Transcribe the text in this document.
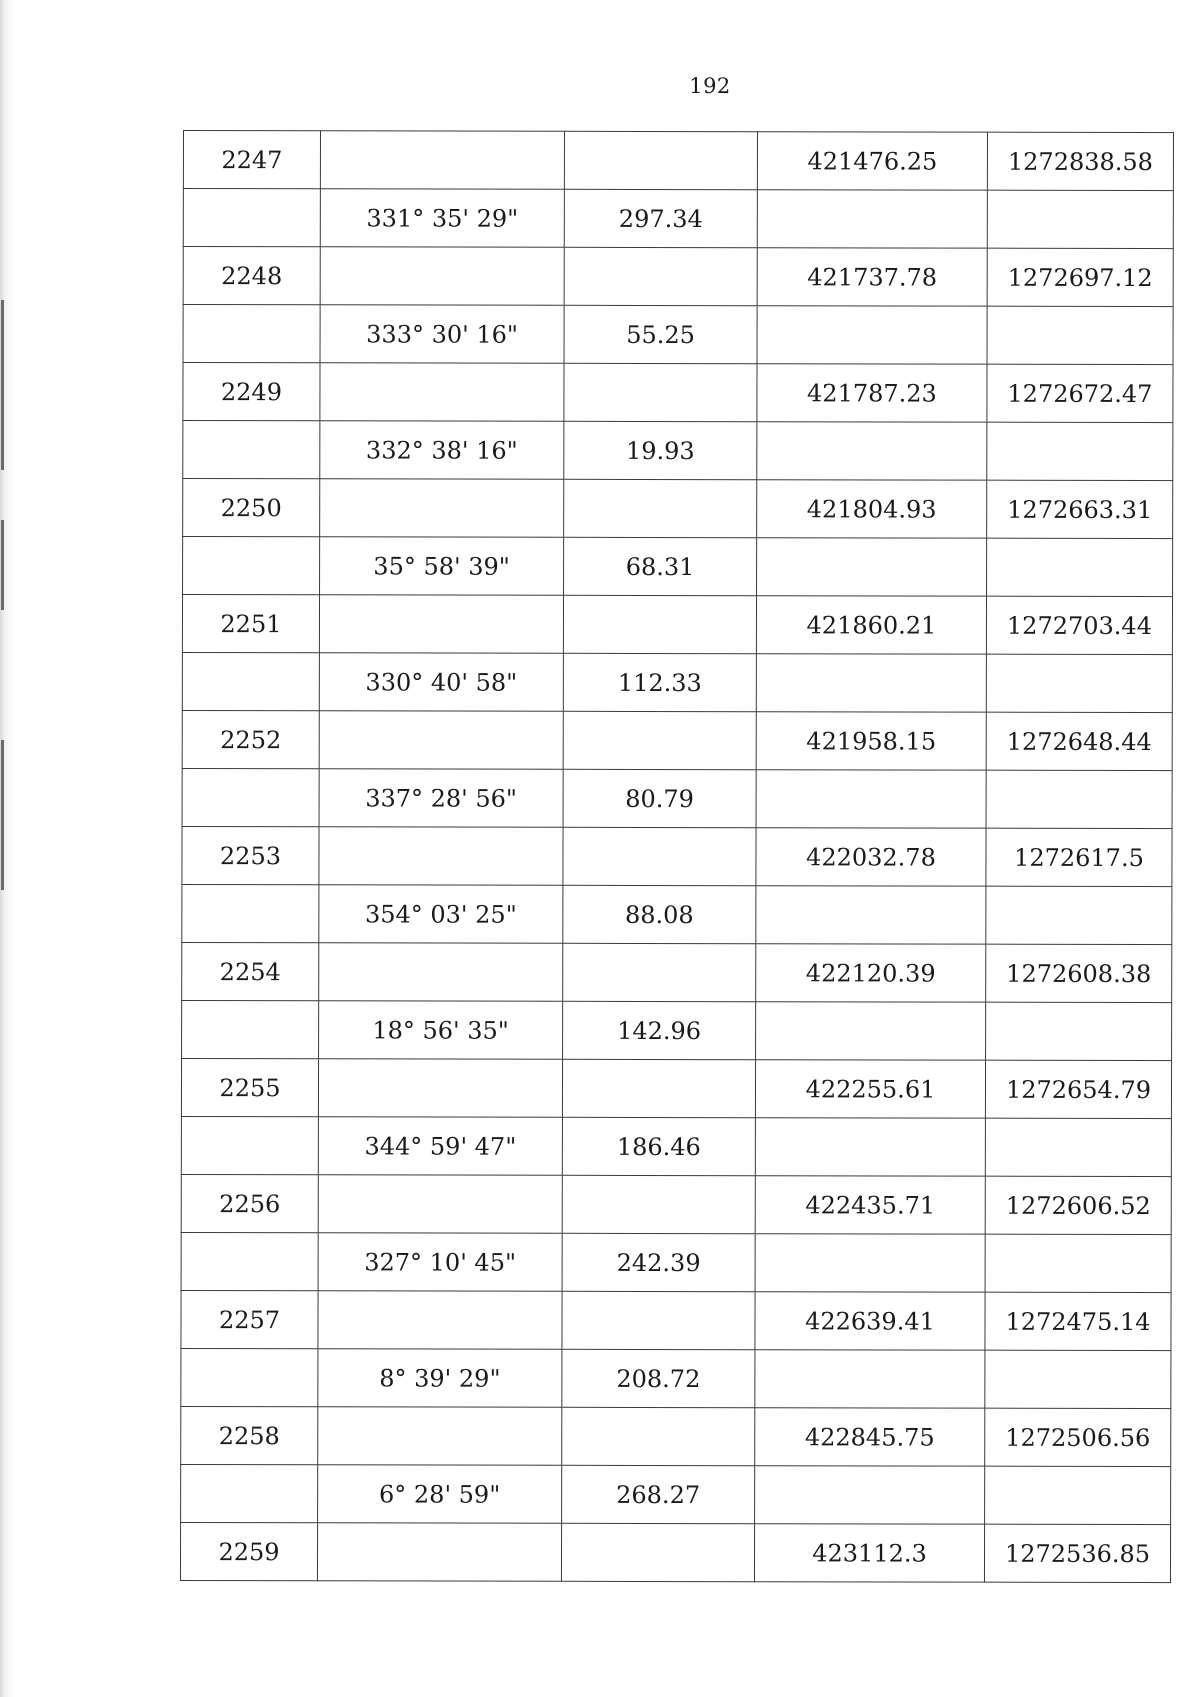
192
2247			421476.25	1272838.58
	331° 35' 29"	297.34		
2248			421737.78	1272697.12
	333° 30' 16"	55.25		
2249			421787.23	1272672.47
	332° 38' 16"	19.93		
2250			421804.93	1272663.31
	35° 58' 39"	68.31		
2251			421860.21	1272703.44
	330° 40' 58"	112.33		
2252			421958.15	1272648.44
	337° 28' 56"	80.79		
2253			422032.78	1272617.5
	354° 03' 25"	88.08		
2254			422120.39	1272608.38
	18° 56' 35"	142.96		
2255			422255.61	1272654.79
	344° 59' 47"	186.46		
2256			422435.71	1272606.52
	327° 10' 45"	242.39		
2257			422639.41	1272475.14
	8° 39' 29"	208.72		
2258			422845.75	1272506.56
	6° 28' 59"	268.27		
2259			423112.3	1272536.85
